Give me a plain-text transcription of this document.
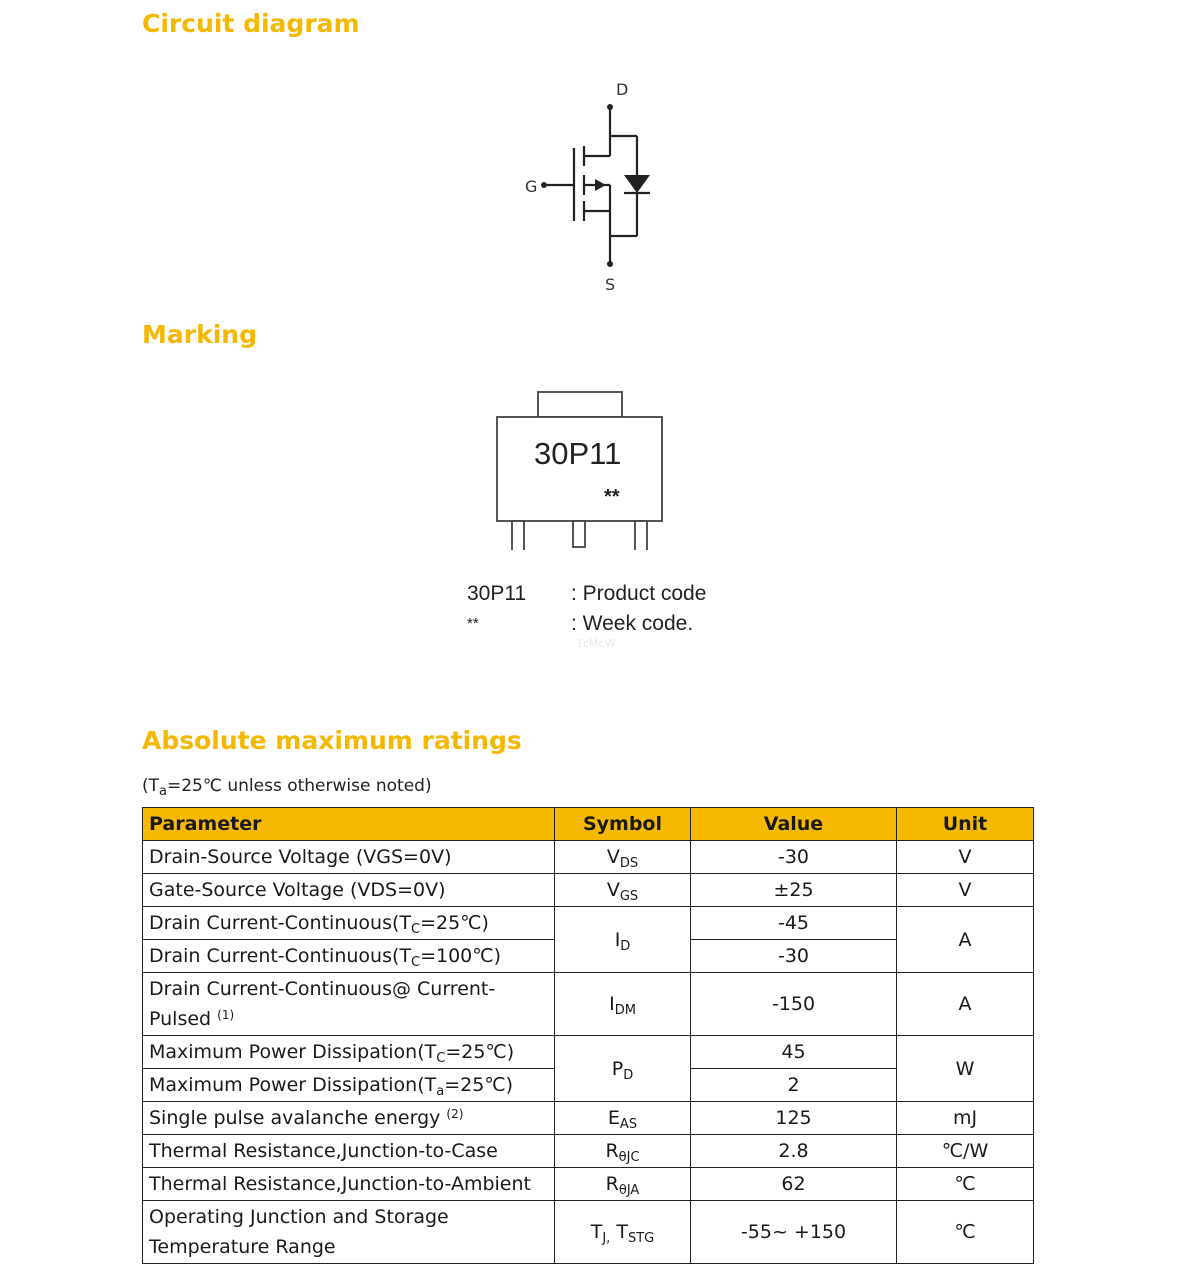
Circuit diagram
D
G
S
Marking
30P11
**
30P11 : Product code
**	: Week code.
1cMcW
Absolute maximum ratings
($T_a=25℃$ unless otherwise noted)
Parameter	Symbol	Value	Unit
Drain-Source Voltage (VGS=0V)	$V_{DS}$	-30	V
Gate-Source Voltage (VDS=0V)	$V_{GS}$	±25	V
Drain Current-$Continuous(T_C=25℃)$	$I_D$	-45	A
Drain Current-$Continuous(T_C=100℃)$		-30	
Drain Current-Continuous@ Current-Pulsed $^{(1)}$	$I_{DM}$	-150	A
Maximum Power $Dissipation(T_C=25℃)$	$P_D$	45	W
Maximum Power $Dissipation(T_a=25℃)$		2	
Single pulse avalanche energy $^{(2)}$	$E_{AS}$	125	mJ
Thermal Resistance,Junction-to-Case	$R_{\theta JC}$	2.8	℃/W
Thermal Resistance,Junction-to-Ambient	$R_{\theta JA}$	62	℃
Operating Junction and Storage Temperature Range	$T_{J,}$ $T_{STG}$	-55~ +150	℃
